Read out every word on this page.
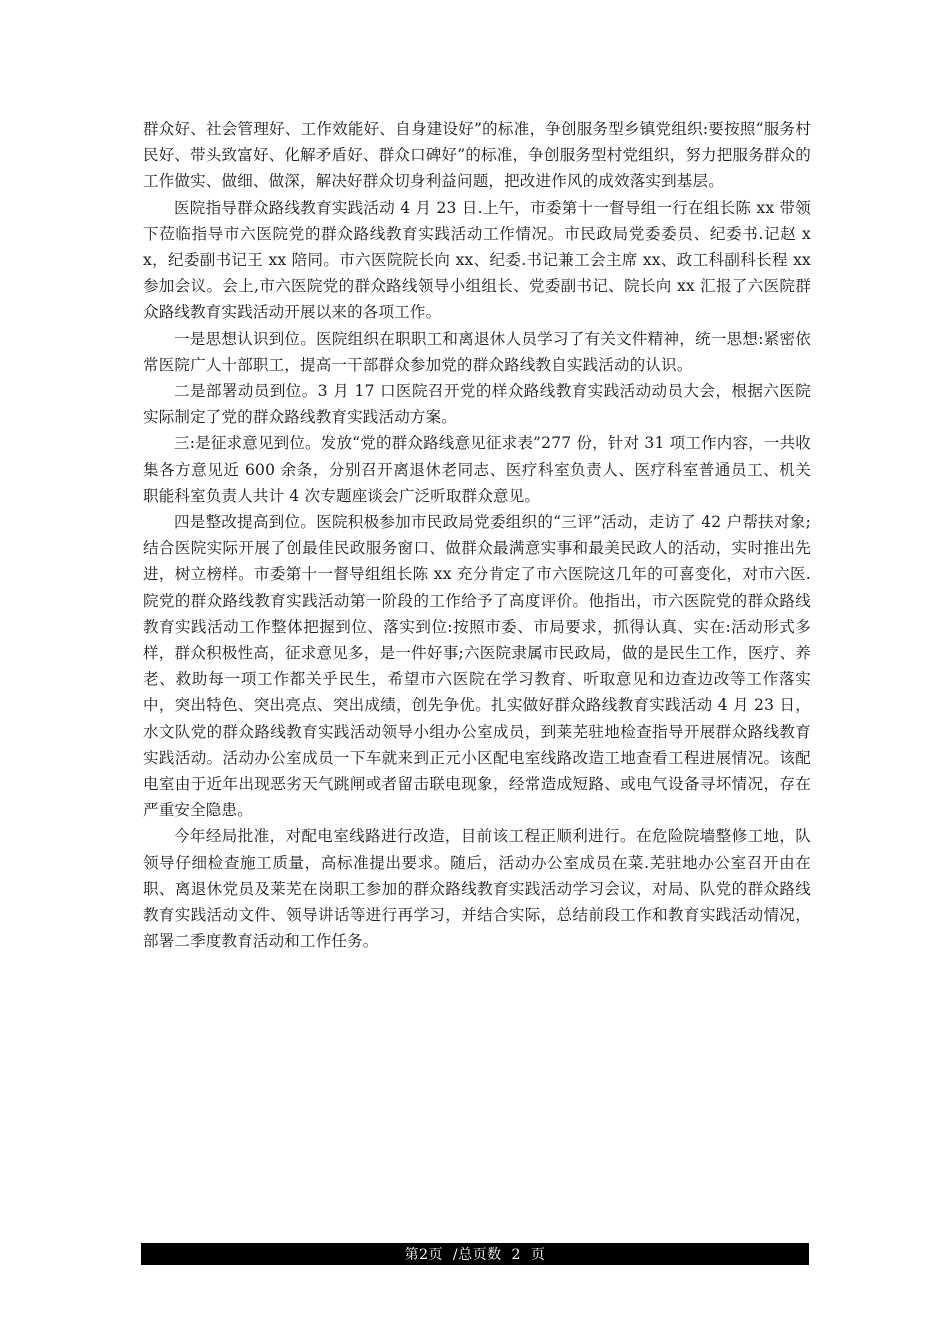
群众好、社会管理好、工作效能好、自身建设好”的标准，争创服务型乡镇党组织:要按照“服务村民好、带头致富好、化解矛盾好、群众口碑好”的标准，争创服务型村党组织，努力把服务群众的工作做实、做细、做深，解决好群众切身利益问题，把改进作风的成效落实到基层。

医院指导群众路线教育实践活动 4 月 23 日.上午，市委第十一督导组一行在组长陈 xx 带领下莅临指导市六医院党的群众路线教育实践活动工作情况。市民政局党委委员、纪委书.记赵 xx，纪委副书记王 xx 陪同。市六医院院长向 xx、纪委.书记兼工会主席 xx、政工科副科长程 xx 参加会议。会上,市六医院党的群众路线领导小组组长、党委副书记、院长向 xx 汇报了六医院群众路线教育实践活动开展以来的各项工作。

一是思想认识到位。医院组织在职职工和离退休人员学习了有关文件精神，统一思想:紧密依常医院广人十部职工，提高一干部群众参加党的群众路线教自实践活动的认识。

二是部署动员到位。3 月 17 口医院召开党的样众路线教育实践活动动员大会，根据六医院实际制定了党的群众路线教育实践活动方案。

三:是征求意见到位。发放“党的群众路线意见征求表”277 份，针对 31 项工作内容，一共收集各方意见近 600 余条，分别召开离退休老同志、医疗科室负责人、医疗科室普通员工、机关职能科室负责人共计 4 次专题座谈会广泛听取群众意见。

四是整改提高到位。医院积极参加市民政局党委组织的“三评”活动，走访了 42 户帮扶对象;结合医院实际开展了创最佳民政服务窗口、做群众最满意实事和最美民政人的活动，实时推出先进，树立榜样。市委第十一督导组组长陈 xx 充分肯定了市六医院这几年的可喜变化，对市六医.院党的群众路线教育实践活动第一阶段的工作给予了高度评价。他指出，市六医院党的群众路线教育实践活动工作整体把握到位、落实到位:按照市委、市局要求，抓得认真、实在:活动形式多样，群众积极性高，征求意见多，是一件好事;六医院隶属市民政局，做的是民生工作，医疗、养老、救助每一项工作都关乎民生，希望市六医院在学习教育、听取意见和边查边改等工作落实中，突出特色、突出亮点、突出成绩，创先争优。扎实做好群众路线教育实践活动 4 月 23 日，水文队党的群众路线教育实践活动领导小组办公室成员，到莱芜驻地检查指导开展群众路线教育实践活动。活动办公室成员一下车就来到正元小区配电室线路改造工地查看工程进展情况。该配电室由于近年出现恶劣天气跳闸或者留击联电现象，经常造成短路、或电气设备寻坏情况，存在严重安全隐患。

今年经局批准，对配电室线路进行改造，目前该工程正顺利进行。在危险院墙整修工地，队领导仔细检查施工质量，高标准提出要求。随后，活动办公室成员在菜.芜驻地办公室召开由在职、离退休党员及莱芜在岗职工参加的群众路线教育实践活动学习会议，对局、队党的群众路线教育实践活动文件、领导讲话等进行再学习，并结合实际，总结前段工作和教育实践活动情况，部署二季度教育活动和工作任务。

第2页  /总页数  2  页
